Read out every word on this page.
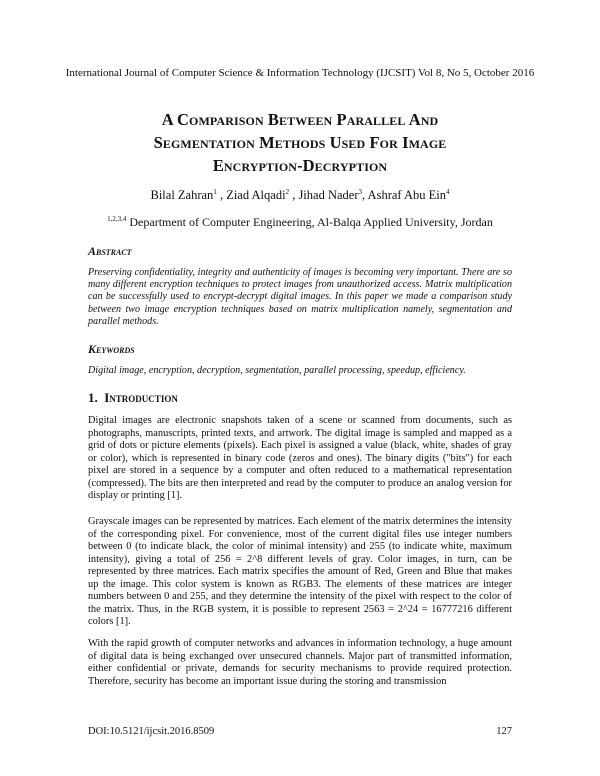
International Journal of Computer Science & Information Technology (IJCSIT) Vol 8, No 5, October 2016
A Comparison Between Parallel And
Segmentation Methods Used For Image
Encryption-Decryption
Bilal Zahran$^1$ , Ziad Alqadi$^2$ , Jihad Nader$^3$, Ashraf Abu Ein$^4$
$^{1,2,3,4}$ Department of Computer Engineering, Al-Balqa Applied University, Jordan
Abstract
Preserving confidentiality, integrity and authenticity of images is becoming very important. There are so many different encryption techniques to protect images from unauthorized access. Matrix multiplication can be successfully used to encrypt-decrypt digital images. In this paper we made a comparison study between two image encryption techniques based on matrix multiplication namely, segmentation and parallel methods.
Keywords
Digital image, encryption, decryption, segmentation, parallel processing, speedup, efficiency.
1. Introduction
Digital images are electronic snapshots taken of a scene or scanned from documents, such as photographs, manuscripts, printed texts, and artwork. The digital image is sampled and mapped as a grid of dots or picture elements (pixels). Each pixel is assigned a value (black, white, shades of gray or color), which is represented in binary code (zeros and ones). The binary digits ("bits") for each pixel are stored in a sequence by a computer and often reduced to a mathematical representation (compressed). The bits are then interpreted and read by the computer to produce an analog version for display or printing [1].
Grayscale images can be represented by matrices. Each element of the matrix determines the intensity of the corresponding pixel. For convenience, most of the current digital files use integer numbers between 0 (to indicate black, the color of minimal intensity) and 255 (to indicate white, maximum intensity), giving a total of 256 = 2^8 different levels of gray. Color images, in turn, can be represented by three matrices. Each matrix specifies the amount of Red, Green and Blue that makes up the image. This color system is known as RGB3. The elements of these matrices are integer numbers between 0 and 255, and they determine the intensity of the pixel with respect to the color of the matrix. Thus, in the RGB system, it is possible to represent 2563 = 2^24 = 16777216 different colors [1].
With the rapid growth of computer networks and advances in information technology, a huge amount of digital data is being exchanged over unsecured channels. Major part of transmitted information, either confidential or private, demands for security mechanisms to provide required protection. Therefore, security has become an important issue during the storing and transmission
DOI:10.5121/ijcsit.2016.8509	127
